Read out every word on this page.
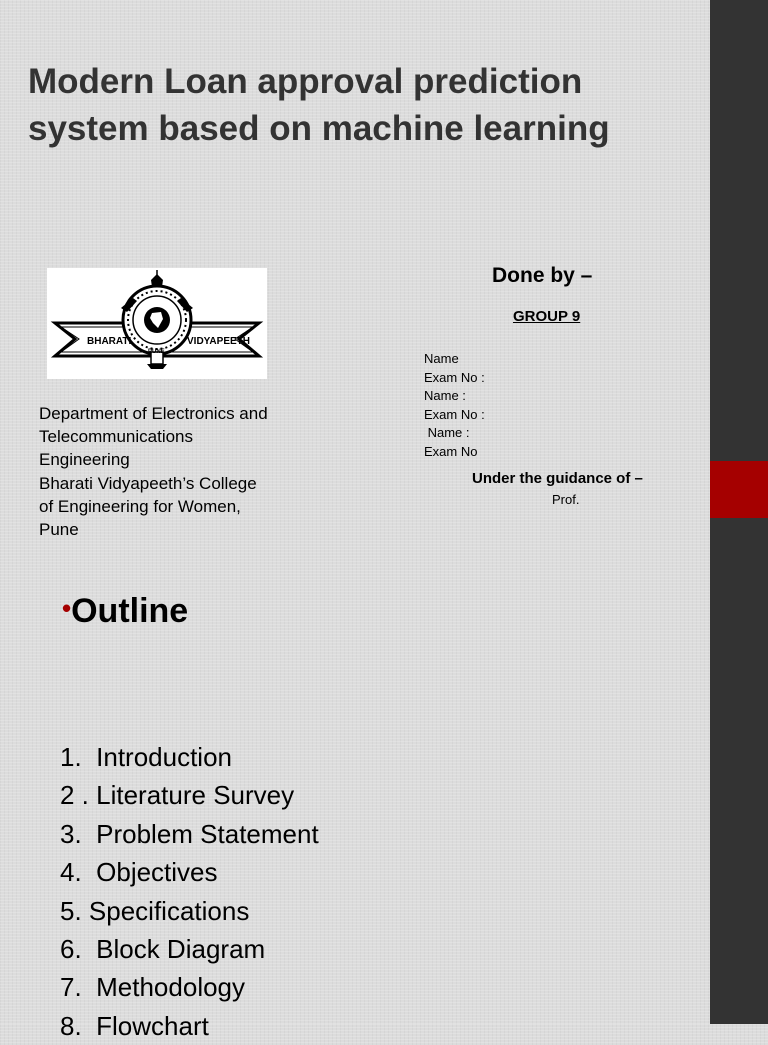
Modern Loan approval prediction system based on machine learning
BHARATI	VIDYAPEETH
PUNE
Department of Electronics and
Telecommunications
Engineering
Bharati Vidyapeeth’s College
of Engineering for Women,
Pune
Done by –
GROUP 9
Name
Exam No :
Name :
Exam No :
Name :
Exam No
Under the guidance of –
Prof.
•Outline
1.  Introduction
2 . Literature Survey
3.  Problem Statement
4.  Objectives
5. Specifications
6.  Block Diagram
7.  Methodology
8.  Flowchart
